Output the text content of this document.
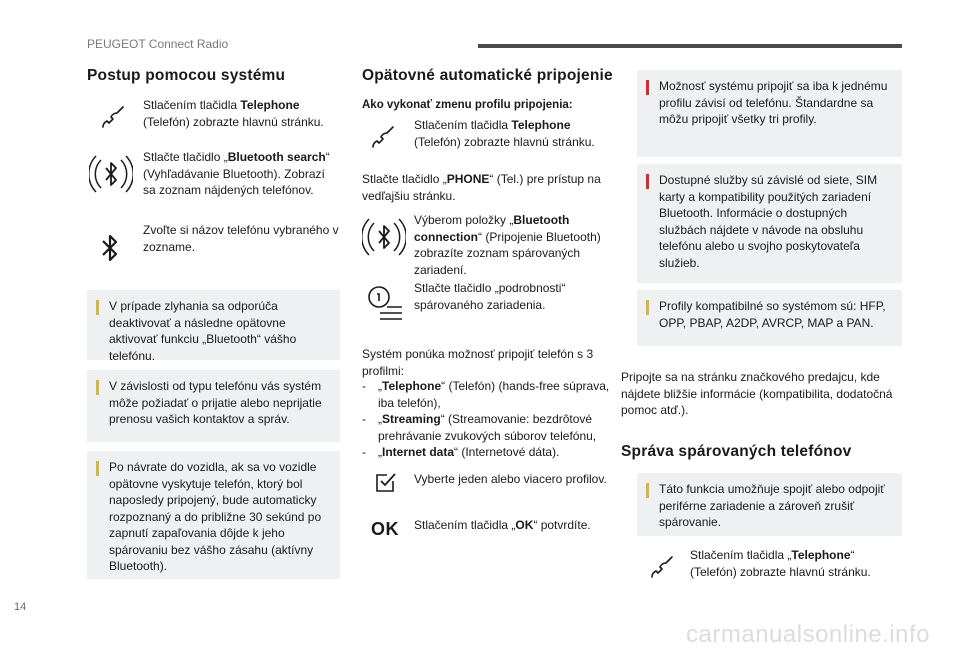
PEUGEOT Connect Radio
Postup pomocou systému
Stlačením tlačidla Telephone (Telefón) zobrazte hlavnú stránku.
Stlačte tlačidlo „Bluetooth search“ (Vyhľadávanie Bluetooth). Zobrazí sa zoznam nájdených telefónov.
Zvoľte si názov telefónu vybraného v zozname.
V prípade zlyhania sa odporúča deaktivovať a následne opätovne aktivovať funkciu „Bluetooth“ vášho telefónu.
V závislosti od typu telefónu vás systém môže požiadať o prijatie alebo neprijatie prenosu vašich kontaktov a správ.
Po návrate do vozidla, ak sa vo vozidle opätovne vyskytuje telefón, ktorý bol naposledy pripojený, bude automaticky rozpoznaný a do približne 30 sekúnd po zapnutí zapaľovania dôjde k jeho spárovaniu bez vášho zásahu (aktívny Bluetooth).
Opätovné automatické pripojenie
Ako vykonať zmenu profilu pripojenia:
Stlačením tlačidla Telephone (Telefón) zobrazte hlavnú stránku.
Stlačte tlačidlo „PHONE“ (Tel.) pre prístup na vedľajšiu stránku.
Výberom položky „Bluetooth connection“ (Pripojenie Bluetooth) zobrazíte zoznam spárovaných zariadení.
Stlačte tlačidlo „podrobnosti“ spárovaného zariadenia.
Systém ponúka možnosť pripojiť telefón s 3 profilmi:
- „Telephone“ (Telefón) (hands-free súprava, iba telefón),
- „Streaming“ (Streamovanie: bezdrôtové prehrávanie zvukových súborov telefónu,
- „Internet data“ (Internetové dáta).
Vyberte jeden alebo viacero profilov.
OK Stlačením tlačidla „OK“ potvrdíte.
Možnosť systému pripojiť sa iba k jednému profilu závisí od telefónu. Štandardne sa môžu pripojiť všetky tri profily.
Dostupné služby sú závislé od siete, SIM karty a kompatibility použitých zariadení Bluetooth. Informácie o dostupných službách nájdete v návode na obsluhu telefónu alebo u svojho poskytovateľa služieb.
Profily kompatibilné so systémom sú: HFP, OPP, PBAP, A2DP, AVRCP, MAP a PAN.
Pripojte sa na stránku značkového predajcu, kde nájdete bližšie informácie (kompatibilita, dodatočná pomoc atď.).
Správa spárovaných telefónov
Táto funkcia umožňuje spojiť alebo odpojiť periférne zariadenie a zároveň zrušiť spárovanie.
Stlačením tlačidla „Telephone“ (Telefón) zobrazte hlavnú stránku.
14
carmanualsonline.info
